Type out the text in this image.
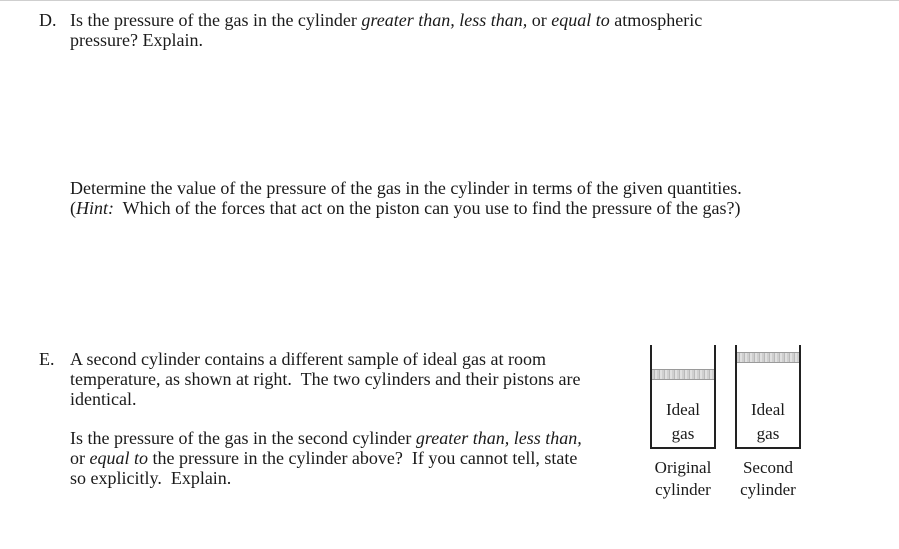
D. Is the pressure of the gas in the cylinder greater than, less than, or equal to atmospheric
pressure? Explain.

Determine the value of the pressure of the gas in the cylinder in terms of the given quantities.
(Hint:  Which of the forces that act on the piston can you use to find the pressure of the gas?)

E. A second cylinder contains a different sample of ideal gas at room
temperature, as shown at right.  The two cylinders and their pistons are
identical.

Is the pressure of the gas in the second cylinder greater than, less than,
or equal to the pressure in the cylinder above?  If you cannot tell, state
so explicitly.  Explain.

Ideal
gas
Original
cylinder
Ideal
gas
Second
cylinder
